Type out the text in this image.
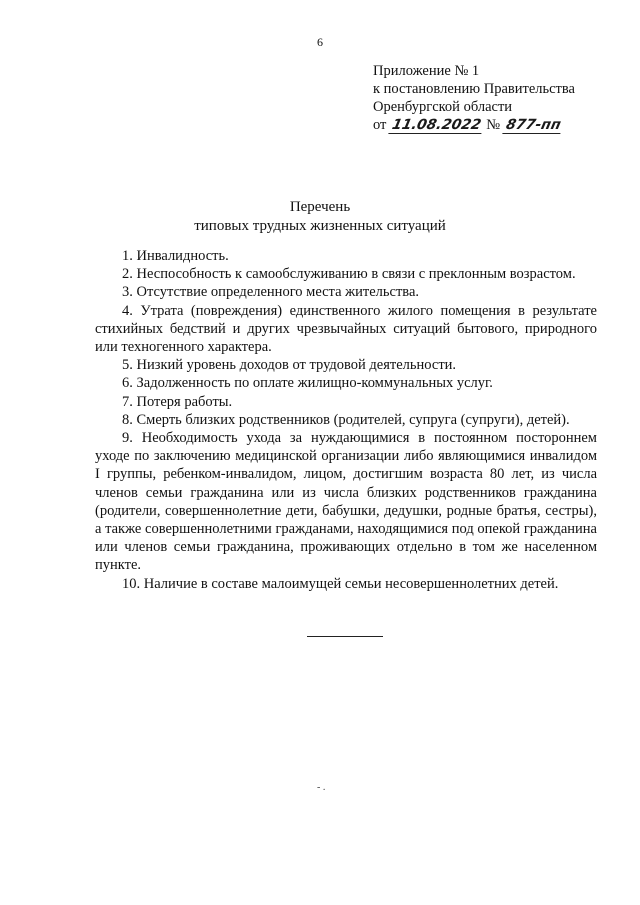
6
Приложение № 1
к постановлению Правительства
Оренбургской области
от 11.08.2022 № 877-пп
Перечень
типовых трудных жизненных ситуаций

1. Инвалидность.

2. Неспособность к самообслуживанию в связи с преклонным возрастом.

3. Отсутствие определенного места жительства.

4. Утрата (повреждения) единственного жилого помещения в результате стихийных бедствий и других чрезвычайных ситуаций бытового, природного или техногенного характера.

5. Низкий уровень доходов от трудовой деятельности.

6. Задолженность по оплате жилищно-коммунальных услуг.

7. Потеря работы.

8. Смерть близких родственников (родителей, супруга (супруги), детей).

9. Необходимость ухода за нуждающимися в постоянном постороннем уходе по заключению медицинской организации либо являющимися инвалидом I группы, ребенком-инвалидом, лицом, достигшим возраста 80 лет, из числа членов семьи гражданина или из числа близких родственников гражданина (родители, совершеннолетние дети, бабушки, дедушки, родные братья, сестры), а также совершеннолетними гражданами, находящимися под опекой гражданина или членов семьи гражданина, проживающих отдельно в том же населенном пункте.

10. Наличие в составе малоимущей семьи несовершеннолетних детей.

‐ .
